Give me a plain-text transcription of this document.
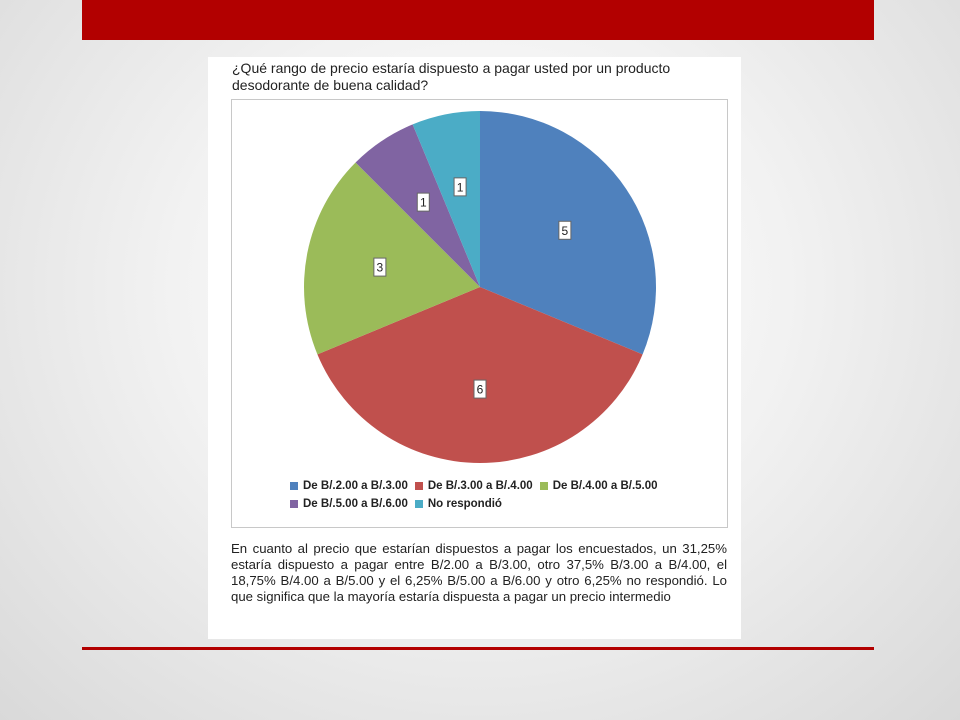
¿Qué rango de precio estaría dispuesto a pagar usted por un producto desodorante de buena calidad?
5
6
3
1
1
De B/.2.00 a B/.3.00 De B/.3.00 a B/.4.00 De B/.4.00 a B/.5.00
De B/.5.00 a B/.6.00 No respondió
En cuanto al precio que estarían dispuestos a pagar los encuestados, un 31,25% estaría dispuesto a pagar entre B/2.00 a B/3.00, otro 37,5% B/3.00 a B/4.00, el 18,75% B/4.00 a B/5.00 y el 6,25% B/5.00 a B/6.00 y otro 6,25% no respondió. Lo que significa que la mayoría estaría dispuesta a pagar un precio intermedio
